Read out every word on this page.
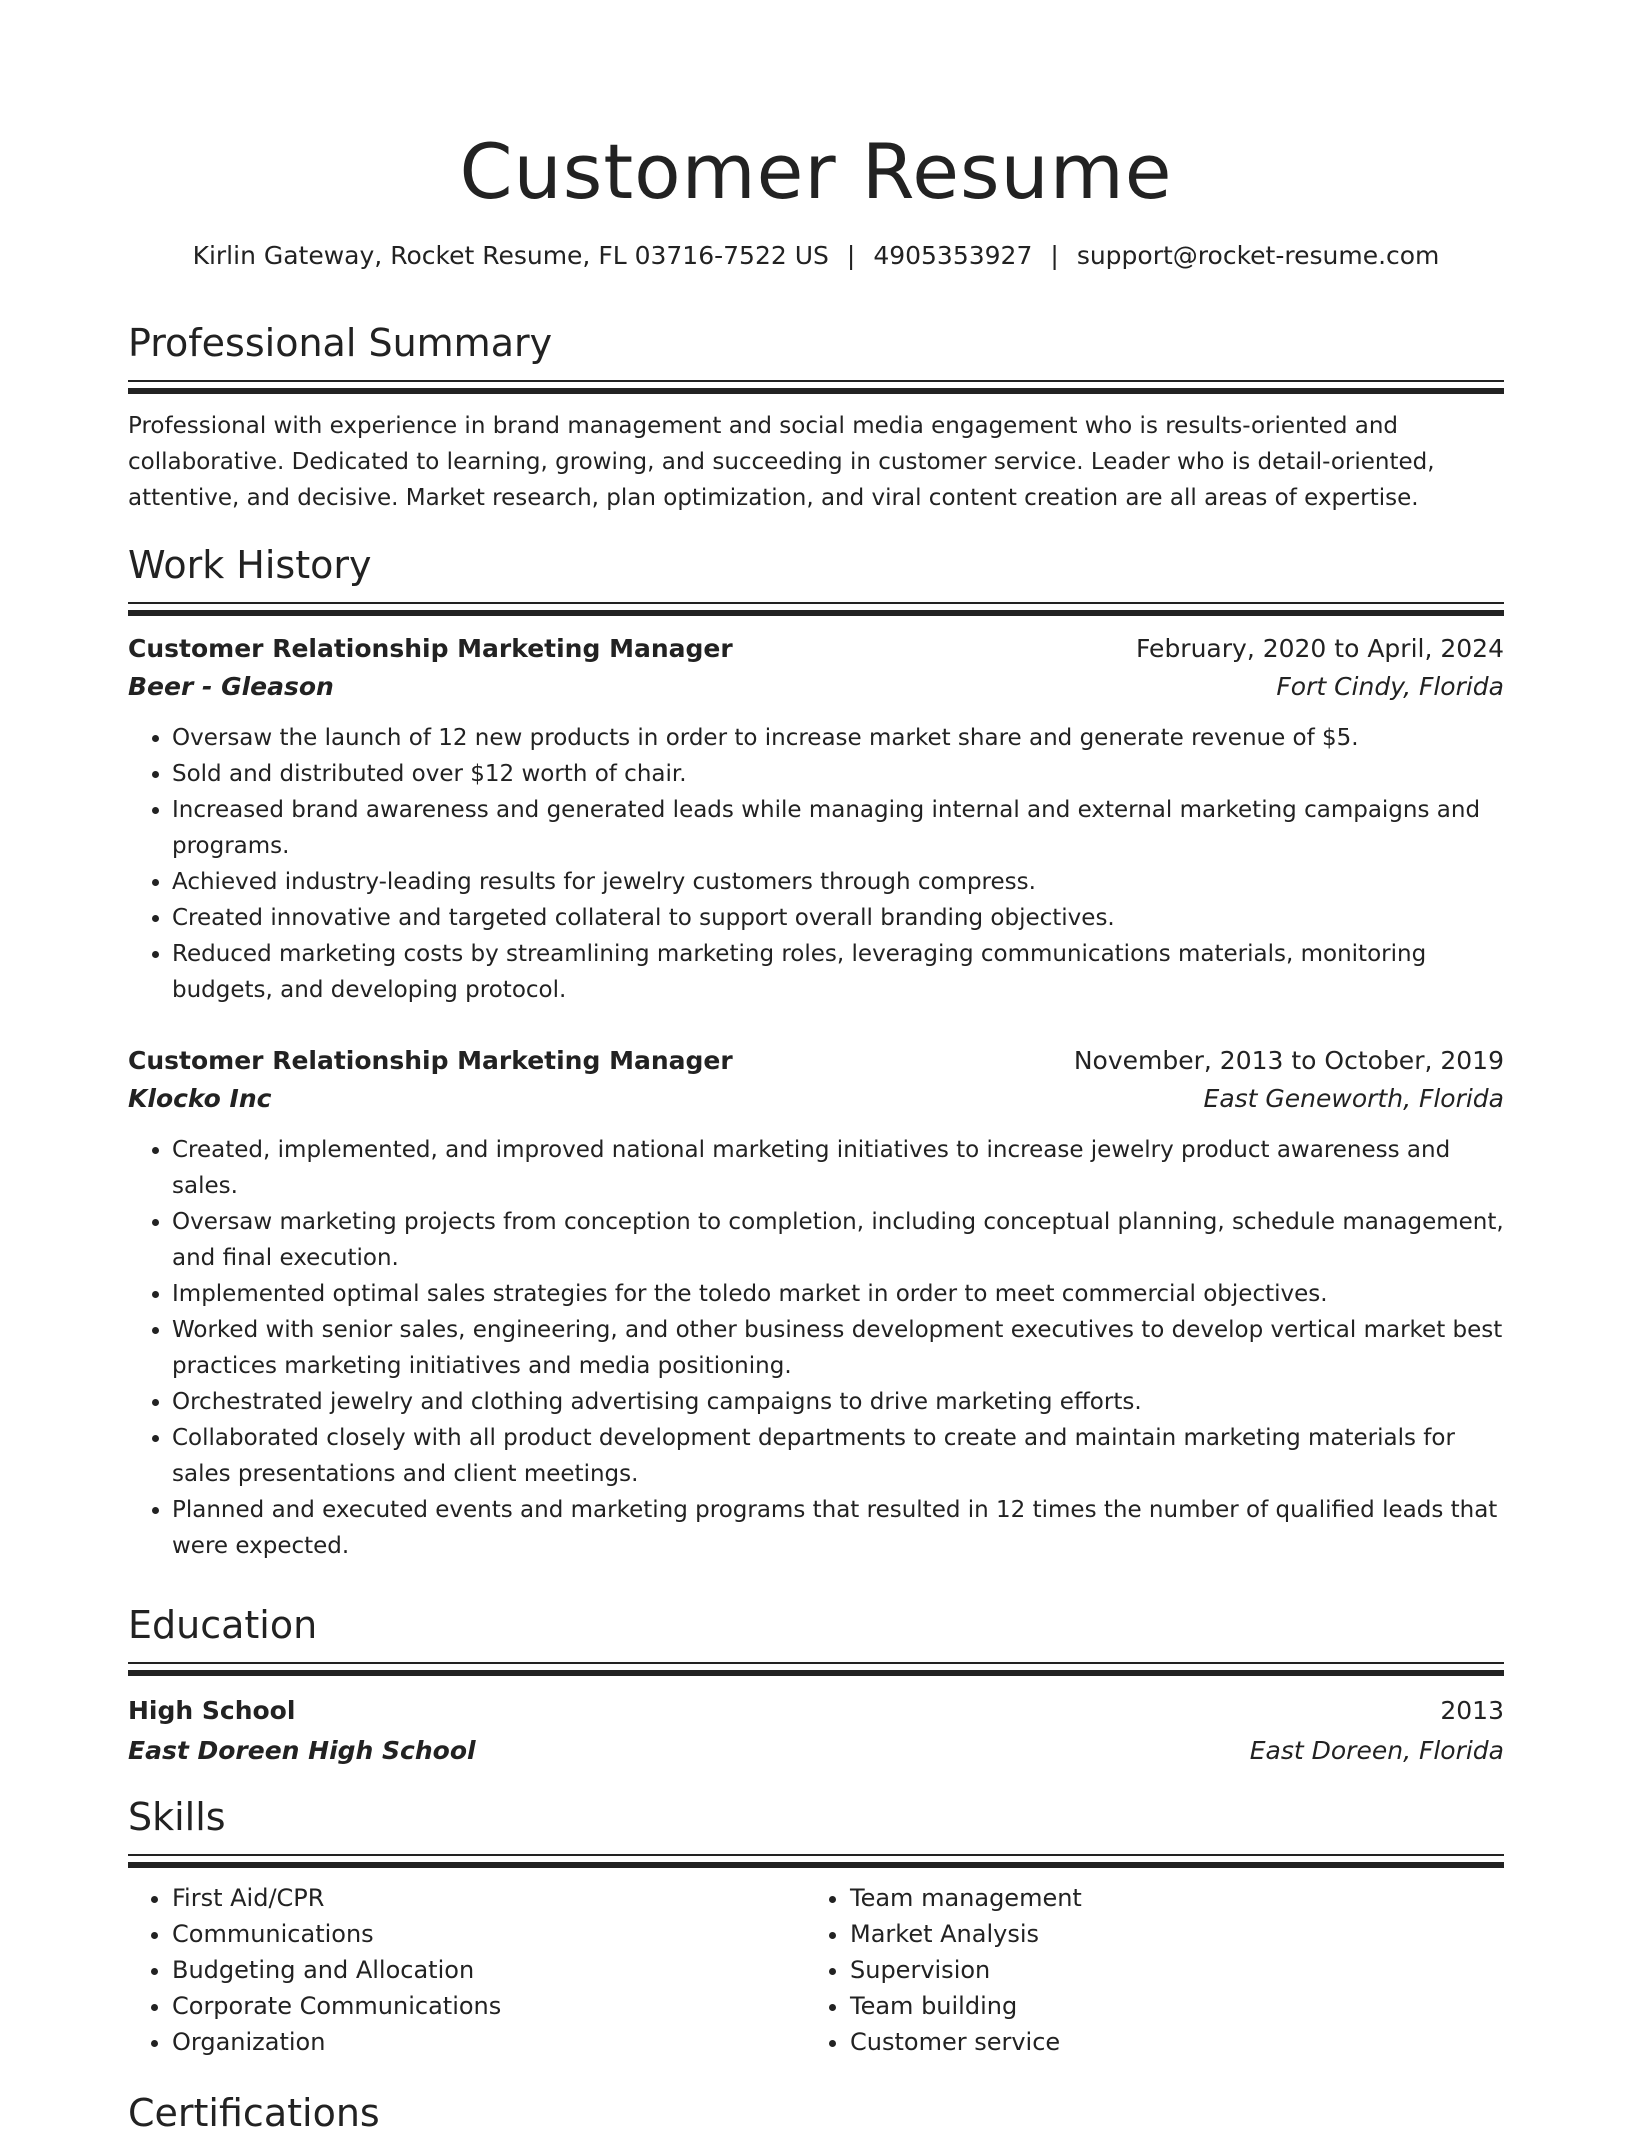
Customer Resume
Kirlin Gateway, Rocket Resume, FL 03716-7522 US | 4905353927 | support@rocket-resume.com
Professional Summary
Professional with experience in brand management and social media engagement who is results-oriented and collaborative. Dedicated to learning, growing, and succeeding in customer service. Leader who is detail-oriented, attentive, and decisive. Market research, plan optimization, and viral content creation are all areas of expertise.
Work History
Customer Relationship Marketing Manager	February, 2020 to April, 2024
Beer - Gleason	Fort Cindy, Florida
• Oversaw the launch of 12 new products in order to increase market share and generate revenue of $5.
• Sold and distributed over $12 worth of chair.
• Increased brand awareness and generated leads while managing internal and external marketing campaigns and programs.
• Achieved industry-leading results for jewelry customers through compress.
• Created innovative and targeted collateral to support overall branding objectives.
• Reduced marketing costs by streamlining marketing roles, leveraging communications materials, monitoring budgets, and developing protocol.
Customer Relationship Marketing Manager	November, 2013 to October, 2019
Klocko Inc	East Geneworth, Florida
• Created, implemented, and improved national marketing initiatives to increase jewelry product awareness and sales.
• Oversaw marketing projects from conception to completion, including conceptual planning, schedule management, and final execution.
• Implemented optimal sales strategies for the toledo market in order to meet commercial objectives.
• Worked with senior sales, engineering, and other business development executives to develop vertical market best practices marketing initiatives and media positioning.
• Orchestrated jewelry and clothing advertising campaigns to drive marketing efforts.
• Collaborated closely with all product development departments to create and maintain marketing materials for sales presentations and client meetings.
• Planned and executed events and marketing programs that resulted in 12 times the number of qualified leads that were expected.
Education
High School	2013
East Doreen High School	East Doreen, Florida
Skills
• First Aid/CPR
• Communications
• Budgeting and Allocation
• Corporate Communications
• Organization
• Team management
• Market Analysis
• Supervision
• Team building
• Customer service
Certifications
